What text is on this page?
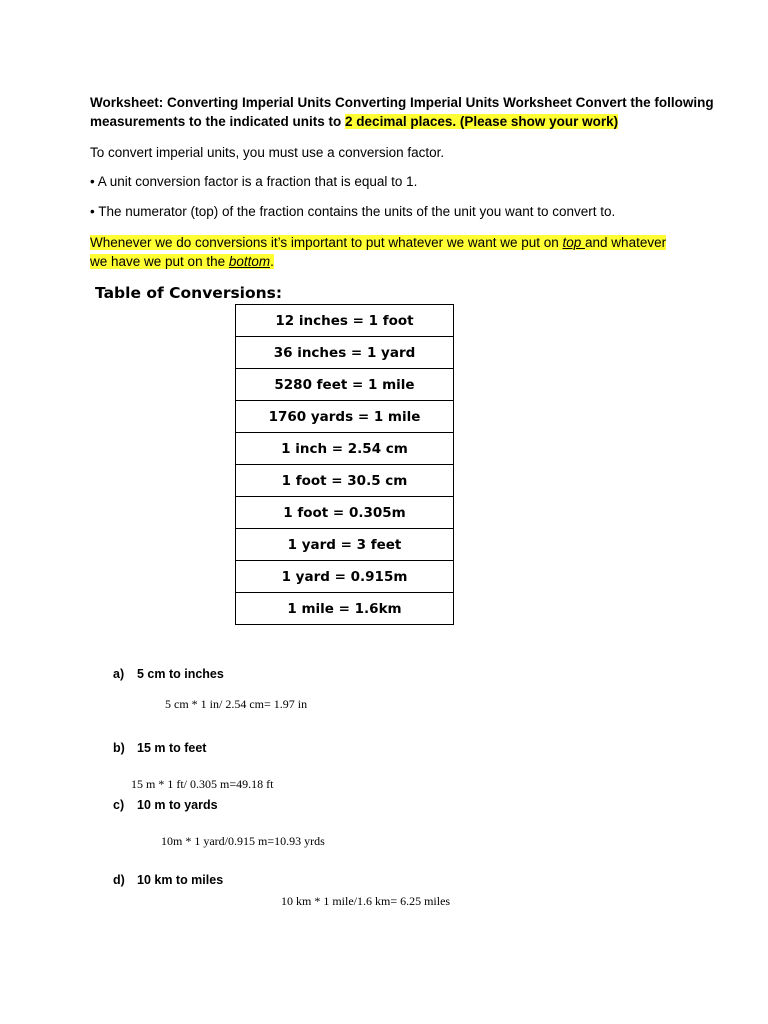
Worksheet: Converting Imperial Units Converting Imperial Units Worksheet Convert the following
measurements to the indicated units to 2 decimal places. (Please show your work)

To convert imperial units, you must use a conversion factor.

• A unit conversion factor is a fraction that is equal to 1.

• The numerator (top) of the fraction contains the units of the unit you want to convert to.

Whenever we do conversions it’s important to put whatever we want we put on top and whatever we have we put on the bottom.

Table of Conversions:
12 inches = 1 foot
36 inches = 1 yard
5280 feet = 1 mile
1760 yards = 1 mile
1 inch = 2.54 cm
1 foot = 30.5 cm
1 foot = 0.305m
1 yard = 3 feet
1 yard = 0.915m
1 mile = 1.6km
a) 5 cm to inches
5 cm * 1 in/ 2.54 cm= 1.97 in
b) 15 m to feet
15 m * 1 ft/ 0.305 m=49.18 ft
c) 10 m to yards
10m * 1 yard/0.915 m=10.93 yrds
d) 10 km to miles
10 km * 1 mile/1.6 km= 6.25 miles
